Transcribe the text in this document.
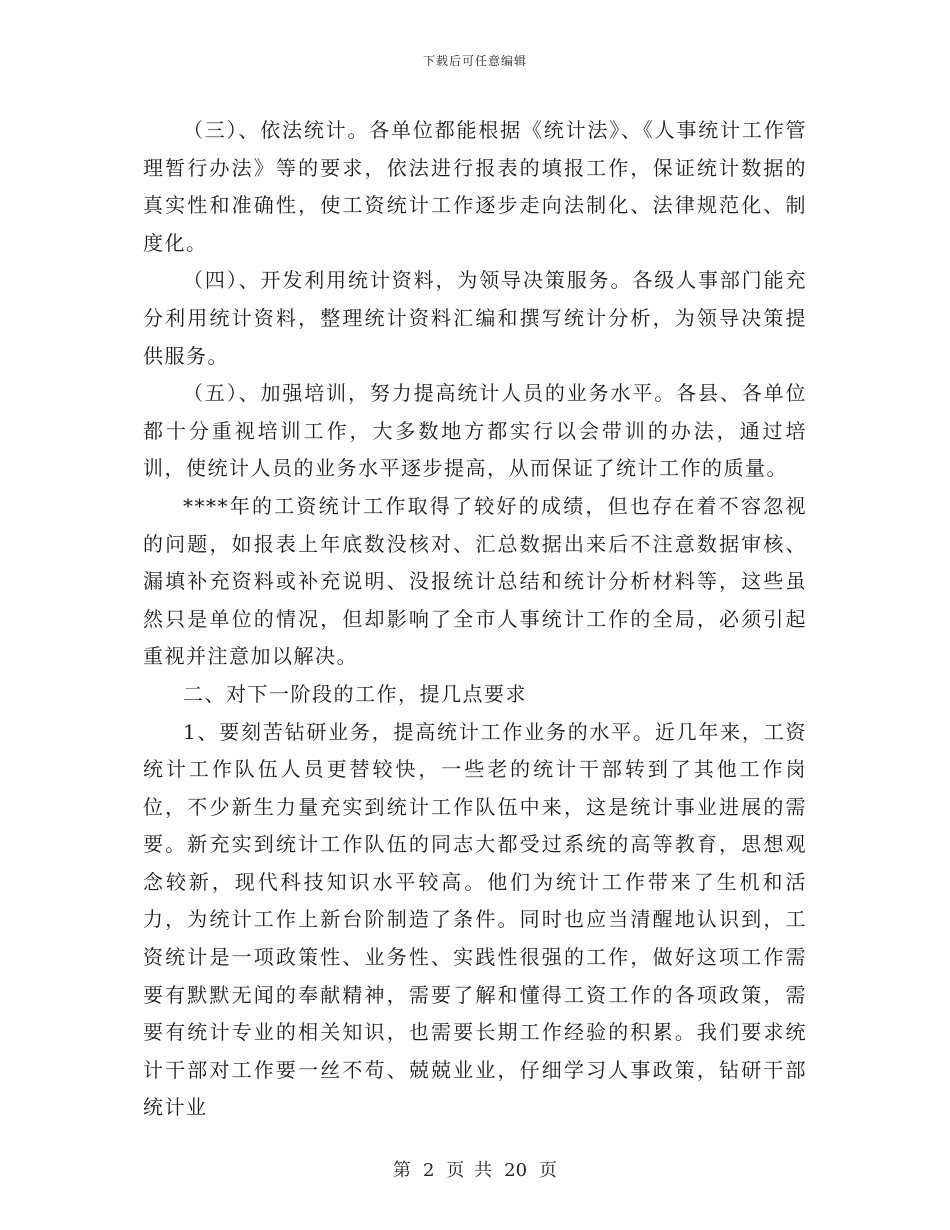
下载后可任意编辑

（三）、依法统计。各单位都能根据《统计法》、《人事统计工作管理暂行办法》等的要求，依法进行报表的填报工作，保证统计数据的真实性和准确性，使工资统计工作逐步走向法制化、法律规范化、制度化。

（四）、开发利用统计资料，为领导决策服务。各级人事部门能充分利用统计资料，整理统计资料汇编和撰写统计分析，为领导决策提供服务。

（五）、加强培训，努力提高统计人员的业务水平。各县、各单位都十分重视培训工作，大多数地方都实行以会带训的办法，通过培训，使统计人员的业务水平逐步提高，从而保证了统计工作的质量。

****年的工资统计工作取得了较好的成绩，但也存在着不容忽视的问题，如报表上年底数没核对、汇总数据出来后不注意数据审核、漏填补充资料或补充说明、没报统计总结和统计分析材料等，这些虽然只是单位的情况，但却影响了全市人事统计工作的全局，必须引起重视并注意加以解决。

二、对下一阶段的工作，提几点要求

1、要刻苦钻研业务，提高统计工作业务的水平。近几年来，工资统计工作队伍人员更替较快，一些老的统计干部转到了其他工作岗位，不少新生力量充实到统计工作队伍中来，这是统计事业进展的需要。新充实到统计工作队伍的同志大都受过系统的高等教育，思想观念较新，现代科技知识水平较高。他们为统计工作带来了生机和活力，为统计工作上新台阶制造了条件。同时也应当清醒地认识到，工资统计是一项政策性、业务性、实践性很强的工作，做好这项工作需要有默默无闻的奉献精神，需要了解和懂得工资工作的各项政策，需要有统计专业的相关知识，也需要长期工作经验的积累。我们要求统计干部对工作要一丝不苟、兢兢业业，仔细学习人事政策，钻研干部统计业

第 2 页 共 20 页
